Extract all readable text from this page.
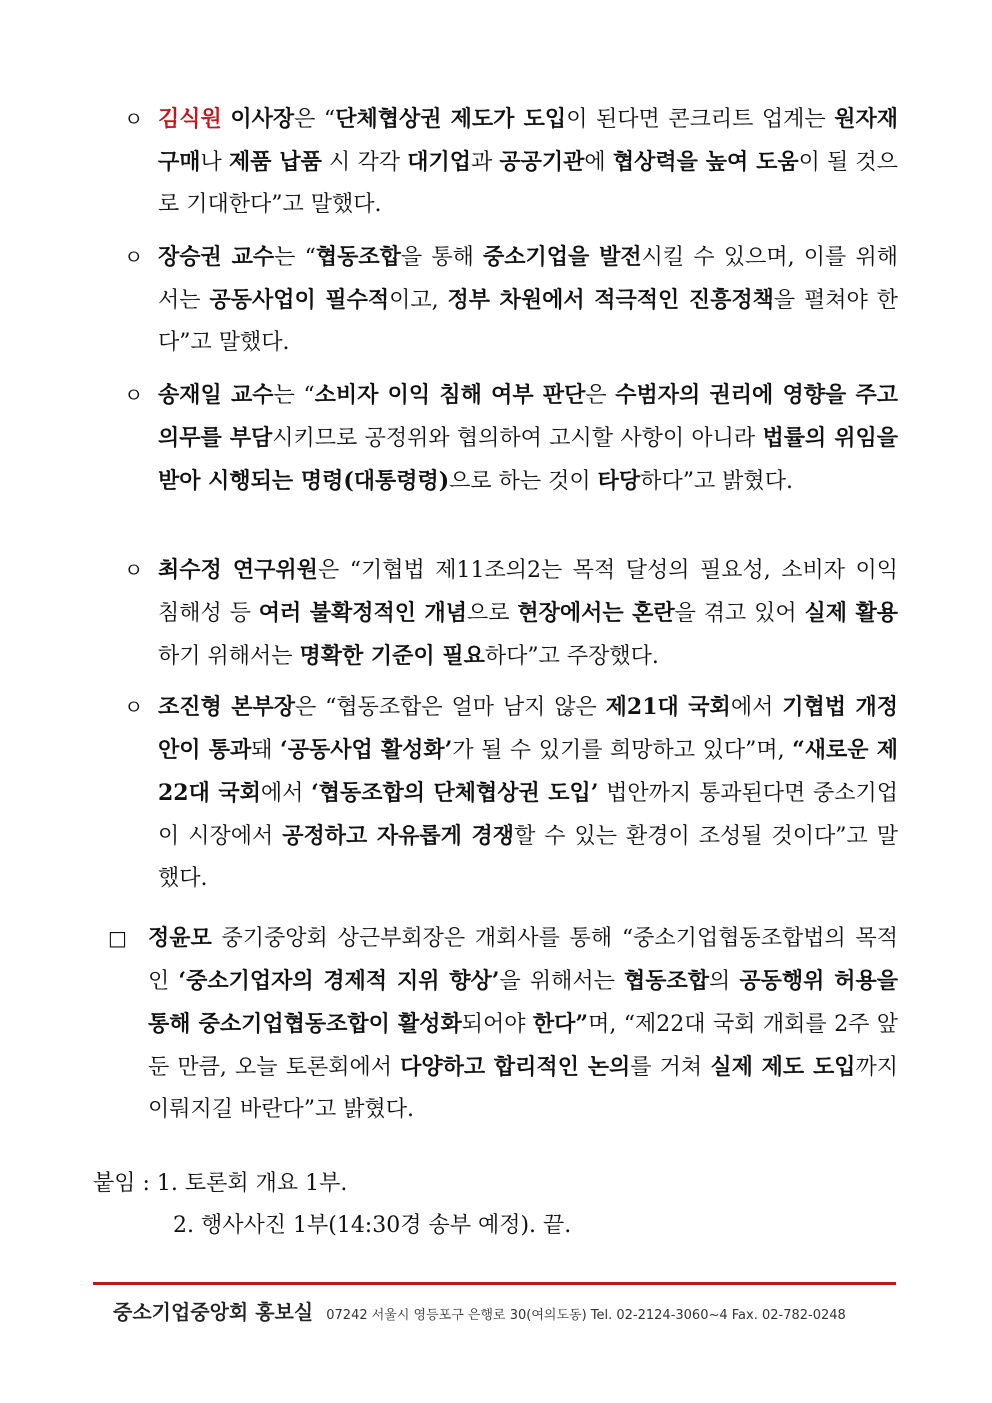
ㅇ 김식원 이사장은 “단체협상권 제도가 도입이 된다면 콘크리트 업계는 원자재 구매나 제품 납품 시 각각 대기업과 공공기관에 협상력을 높여 도움이 될 것으로 기대한다”고 말했다.
ㅇ 장승권 교수는 “협동조합을 통해 중소기업을 발전시킬 수 있으며, 이를 위해서는 공동사업이 필수적이고, 정부 차원에서 적극적인 진흥정책을 펼쳐야 한다”고 말했다.
ㅇ 송재일 교수는 “소비자 이익 침해 여부 판단은 수범자의 권리에 영향을 주고 의무를 부담시키므로 공정위와 협의하여 고시할 사항이 아니라 법률의 위임을 받아 시행되는 명령(대통령령)으로 하는 것이 타당하다”고 밝혔다.
ㅇ 최수정 연구위원은 “기협법 제11조의2는 목적 달성의 필요성, 소비자 이익 침해성 등 여러 불확정적인 개념으로 현장에서는 혼란을 겪고 있어 실제 활용하기 위해서는 명확한 기준이 필요하다”고 주장했다.
ㅇ 조진형 본부장은 “협동조합은 얼마 남지 않은 제21대 국회에서 기협법 개정안이 통과돼 ‘공동사업 활성화’가 될 수 있기를 희망하고 있다”며, “새로운 제22대 국회에서 ‘협동조합의 단체협상권 도입’ 법안까지 통과된다면 중소기업이 시장에서 공정하고 자유롭게 경쟁할 수 있는 환경이 조성될 것이다”고 말했다.
□ 정윤모 중기중앙회 상근부회장은 개회사를 통해 “중소기업협동조합법의 목적인 ‘중소기업자의 경제적 지위 향상’을 위해서는 협동조합의 공동행위 허용을 통해 중소기업협동조합이 활성화되어야 한다”며, “제22대 국회 개회를 2주 앞둔 만큼, 오늘 토론회에서 다양하고 합리적인 논의를 거쳐 실제 제도 도입까지 이뤄지길 바란다”고 밝혔다.
붙임 : 1. 토론회 개요 1부.
2. 행사사진 1부(14:30경 송부 예정). 끝.
중소기업중앙회 홍보실 07242 서울시 영등포구 은행로 30(여의도동) Tel. 02-2124-3060~4 Fax. 02-782-0248
